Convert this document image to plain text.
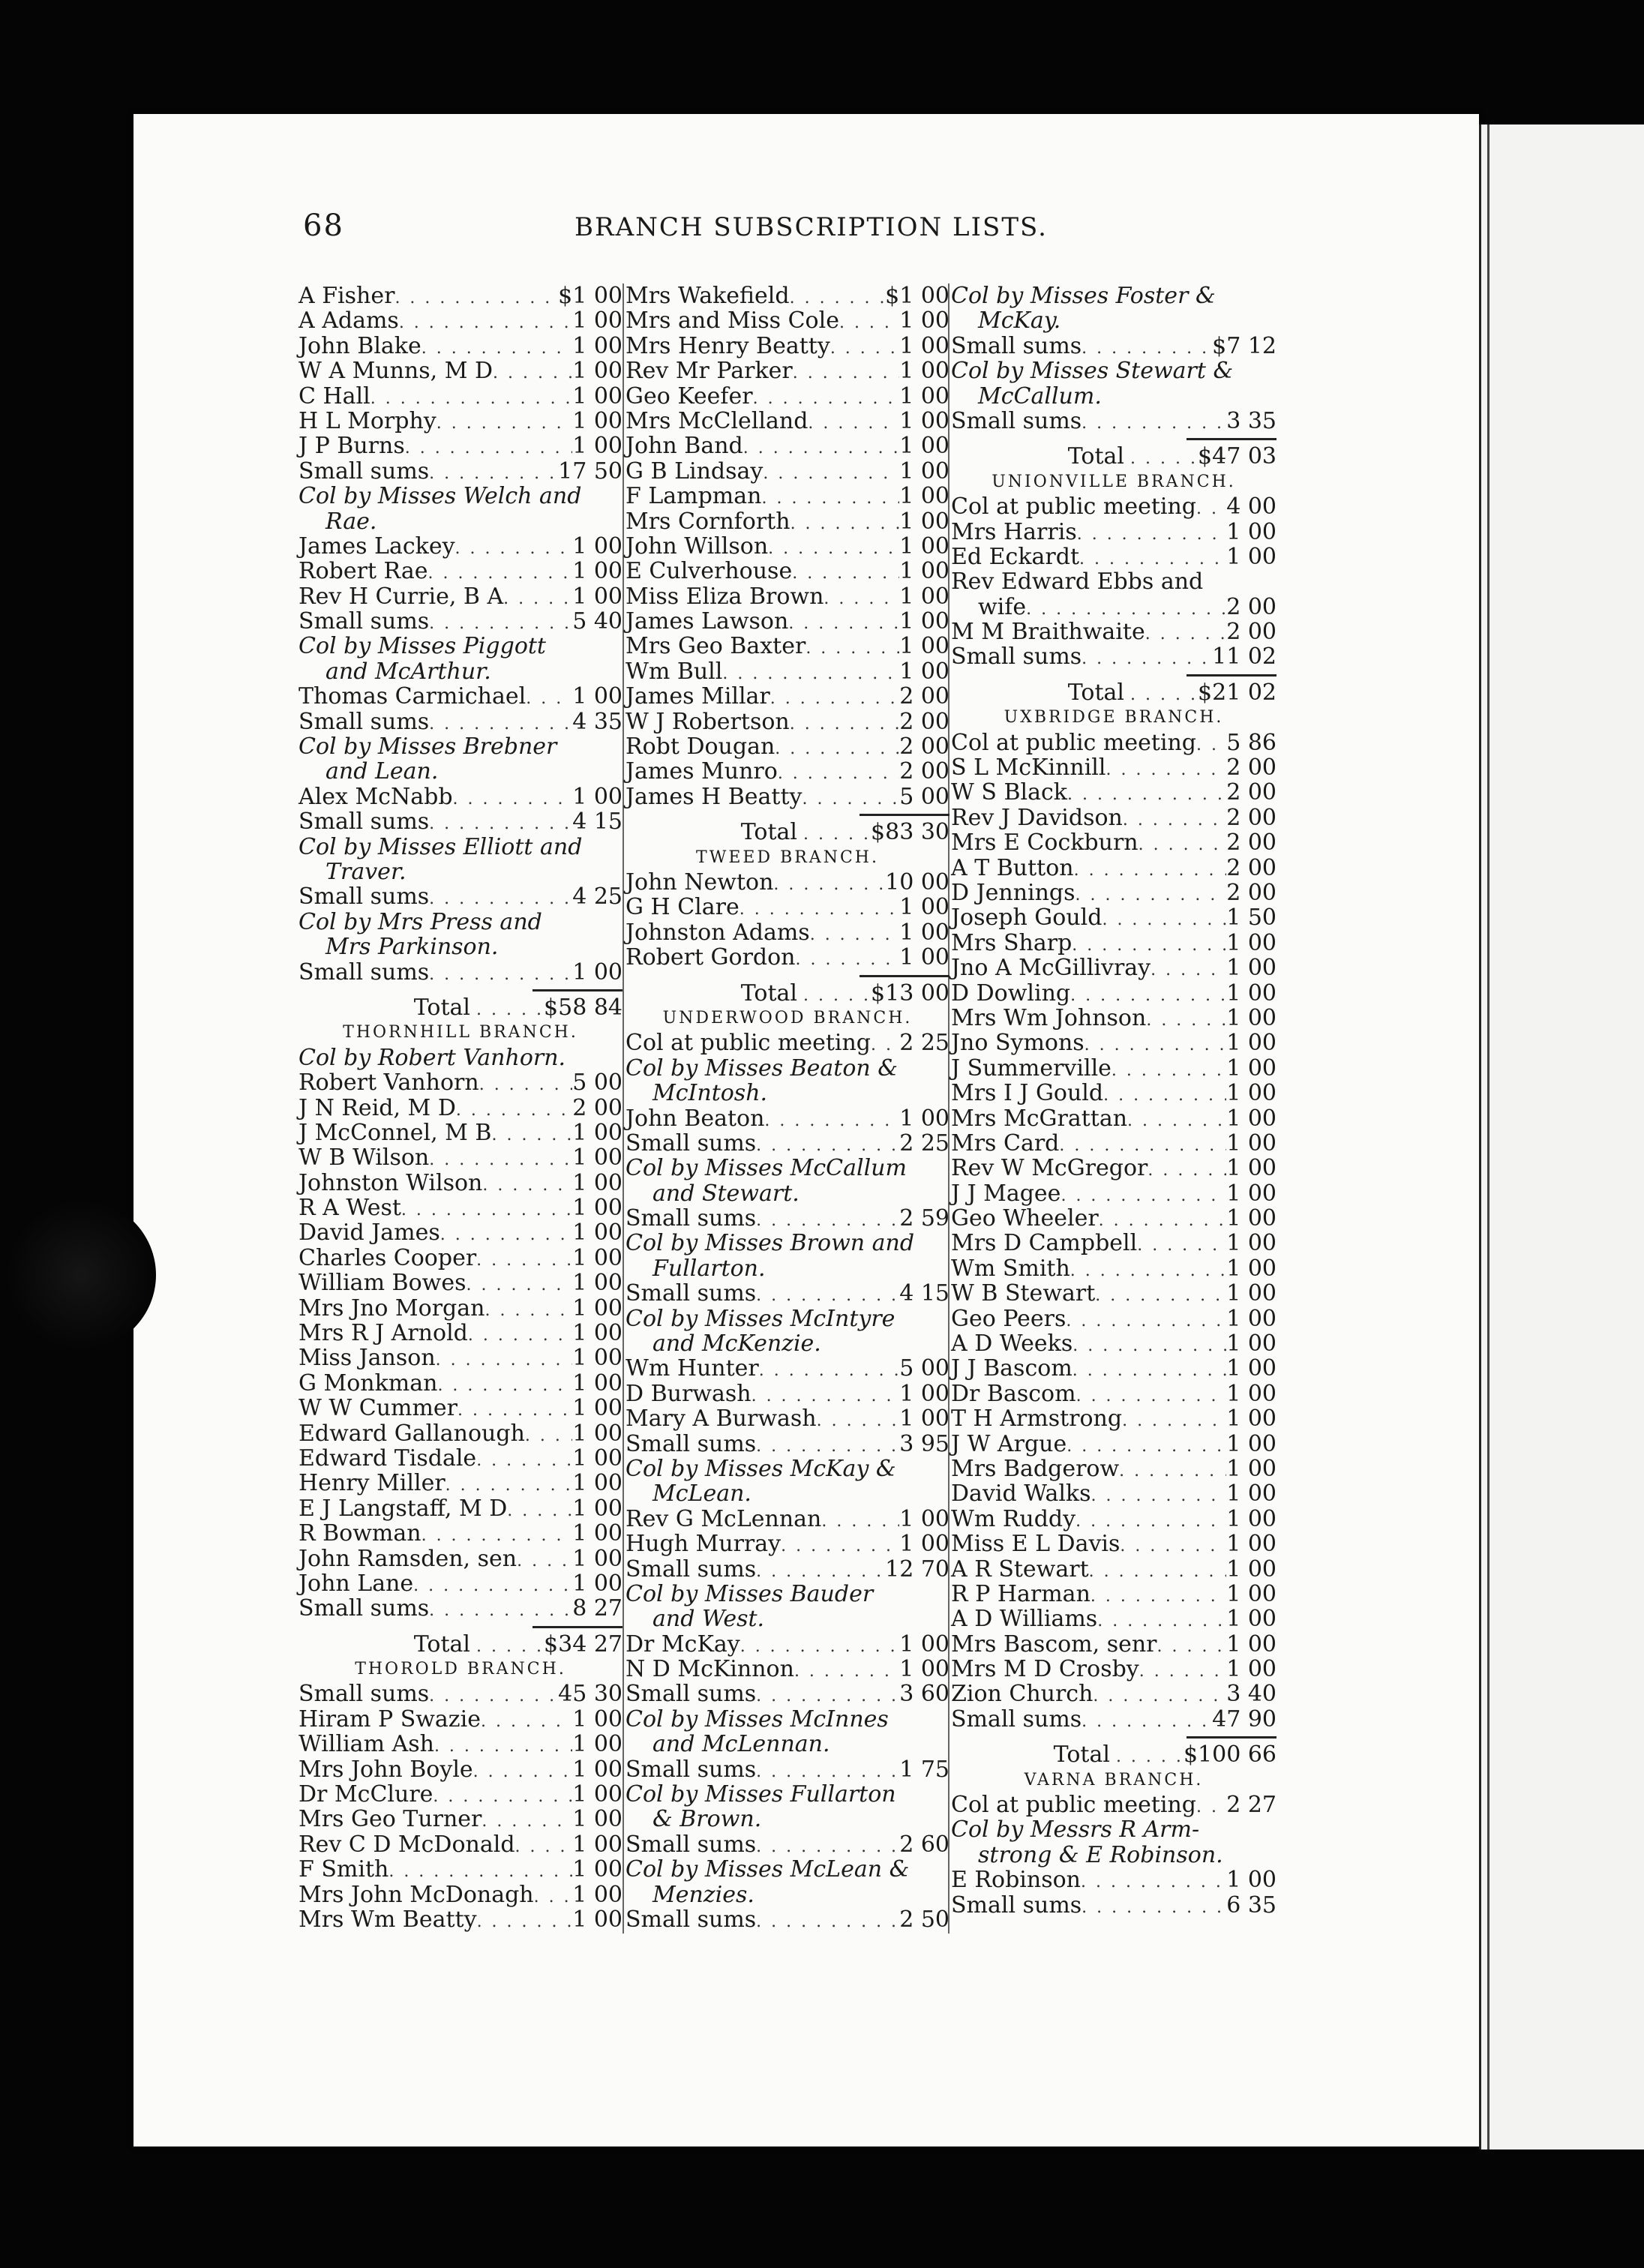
68	BRANCH SUBSCRIPTION LISTS.
A Fisher . . .	$1 00
A Adams . . .	1 00
John Blake . . .	1 00
W A Munns, M D . . .	1 00
C Hall . . .	1 00
H L Morphy . . .	1 00
J P Burns . . .	1 00
Small sums . . .	17 50
Col by Misses Welch and
Rae.
James Lackey . . .	1 00
Robert Rae . . .	1 00
Rev H Currie, B A . . .	1 00
Small sums . . .	5 40
Col by Misses Piggott
and McArthur.
Thomas Carmichael . . . 1 00
Small sums . . .	4 35
Col by Misses Brebner
and Lean.
Alex McNabb . . .	1 00
Small sums . . .	4 15
Col by Misses Elliott and
Traver.
Small sums . . .	4 25
Col by Mrs Press and
Mrs Parkinson.
Small sums . . .	1 00
Total . . .	$58 84
THORNHILL BRANCH.
Col by Robert Vanhorn.
Robert Vanhorn . . .	5 00
J N Reid, M D . . .	2 00
J McConnel, M B . . .	1 00
W B Wilson . . .	1 00
Johnston Wilson . . .	1 00
R A West . . .	1 00
David James . . .	1 00
Charles Cooper . . .	1 00
William Bowes . . .	1 00
Mrs Jno Morgan . . .	1 00
Mrs R J Arnold . . .	1 00
Miss Janson . . .	1 00
G Monkman . . .	1 00
W W Cummer . . .	1 00
Edward Gallanough . . . 1 00
Edward Tisdale . . .	1 00
Henry Miller . . .	1 00
E J Langstaff, M D . . .	1 00
R Bowman . . .	1 00
John Ramsden, sen . . . 1 00
John Lane . . .	1 00
Small sums . . .	8 27
Total . . .	$34 27
THOROLD BRANCH.
Small sums . . .	45 30
Hiram P Swazie . . .	1 00
William Ash . . .	1 00
Mrs John Boyle . . .	1 00
Dr McClure . . .	1 00
Mrs Geo Turner . . .	1 00
Rev C D McDonald . . .	1 00
F Smith . . .	1 00
Mrs John McDonagh . . . 1 00
Mrs Wm Beatty . . .	1 00
Mrs Wakefield . . .	$1 00
Mrs and Miss Cole . . .	1 00
Mrs Henry Beatty . . .	1 00
Rev Mr Parker . . .	1 00
Geo Keefer . . .	1 00
Mrs McClelland . . .	1 00
John Band . . .	1 00
G B Lindsay . . .	1 00
F Lampman . . .	1 00
Mrs Cornforth . . .	1 00
John Willson . . .	1 00
E Culverhouse . . .	1 00
Miss Eliza Brown . . .	1 00
James Lawson . . .	1 00
Mrs Geo Baxter . . .	1 00
Wm Bull . . .	1 00
James Millar . . .	2 00
W J Robertson . . .	2 00
Robt Dougan . . .	2 00
James Munro . . .	2 00
James H Beatty . . .	5 00
Total . . .	$83 30
TWEED BRANCH.
John Newton . . .	10 00
G H Clare . . .	1 00
Johnston Adams . . .	1 00
Robert Gordon . . .	1 00
Total . . .	$13 00
UNDERWOOD BRANCH.
Col at public meeting . . . 2 25
Col by Misses Beaton &
McIntosh.
John Beaton . . .	1 00
Small sums . . .	2 25
Col by Misses McCallum
and Stewart.
Small sums . . .	2 59
Col by Misses Brown and
Fullarton.
Small sums . . .	4 15
Col by Misses McIntyre
and McKenzie.
Wm Hunter . . .	5 00
D Burwash . . .	1 00
Mary A Burwash . . .	1 00
Small sums . . .	3 95
Col by Misses McKay &
McLean.
Rev G McLennan . . .	1 00
Hugh Murray . . .	1 00
Small sums . . .	12 70
Col by Misses Bauder
and West.
Dr McKay . . .	1 00
N D McKinnon . . .	1 00
Small sums . . .	3 60
Col by Misses McInnes
and McLennan.
Small sums . . .	1 75
Col by Misses Fullarton
& Brown.
Small sums . . .	2 60
Col by Misses McLean &
Menzies.
Small sums . . .	2 50
Col by Misses Foster &
McKay.
Small sums . . .	$7 12
Col by Misses Stewart &
McCallum.
Small sums . . .	3 35
Total . . .	$47 03
UNIONVILLE BRANCH.
Col at public meeting . . . 4 00
Mrs Harris . . .	1 00
Ed Eckardt . . .	1 00
Rev Edward Ebbs and
wife . . .	2 00
M M Braithwaite . . .	2 00
Small sums . . .	11 02
Total . . .	$21 02
UXBRIDGE BRANCH.
Col at public meeting . . . 5 86
S L McKinnill . . .	2 00
W S Black . . .	2 00
Rev J Davidson . . .	2 00
Mrs E Cockburn . . .	2 00
A T Button . . .	2 00
D Jennings . . .	2 00
Joseph Gould . . .	1 50
Mrs Sharp . . .	1 00
Jno A McGillivray . . .	1 00
D Dowling . . .	1 00
Mrs Wm Johnson . . .	1 00
Jno Symons . . .	1 00
J Summerville . . .	1 00
Mrs I J Gould . . .	1 00
Mrs McGrattan . . .	1 00
Mrs Card . . .	1 00
Rev W McGregor . . .	1 00
J J Magee . . .	1 00
Geo Wheeler . . .	1 00
Mrs D Campbell . . .	1 00
Wm Smith . . .	1 00
W B Stewart . . .	1 00
Geo Peers . . .	1 00
A D Weeks . . .	1 00
J J Bascom . . .	1 00
Dr Bascom . . .	1 00
T H Armstrong . . .	1 00
J W Argue . . .	1 00
Mrs Badgerow . . .	1 00
David Walks . . .	1 00
Wm Ruddy . . .	1 00
Miss E L Davis . . .	1 00
A R Stewart . . .	1 00
R P Harman . . .	1 00
A D Williams . . .	1 00
Mrs Bascom, senr . . .	1 00
Mrs M D Crosby . . .	1 00
Zion Church . . .	3 40
Small sums . . .	47 90
Total . . .	$100 66
VARNA BRANCH.
Col at public meeting . . . 2 27
Col by Messrs R Arm-
strong & E Robinson.
E Robinson . . .	1 00
Small sums . . .	6 35
